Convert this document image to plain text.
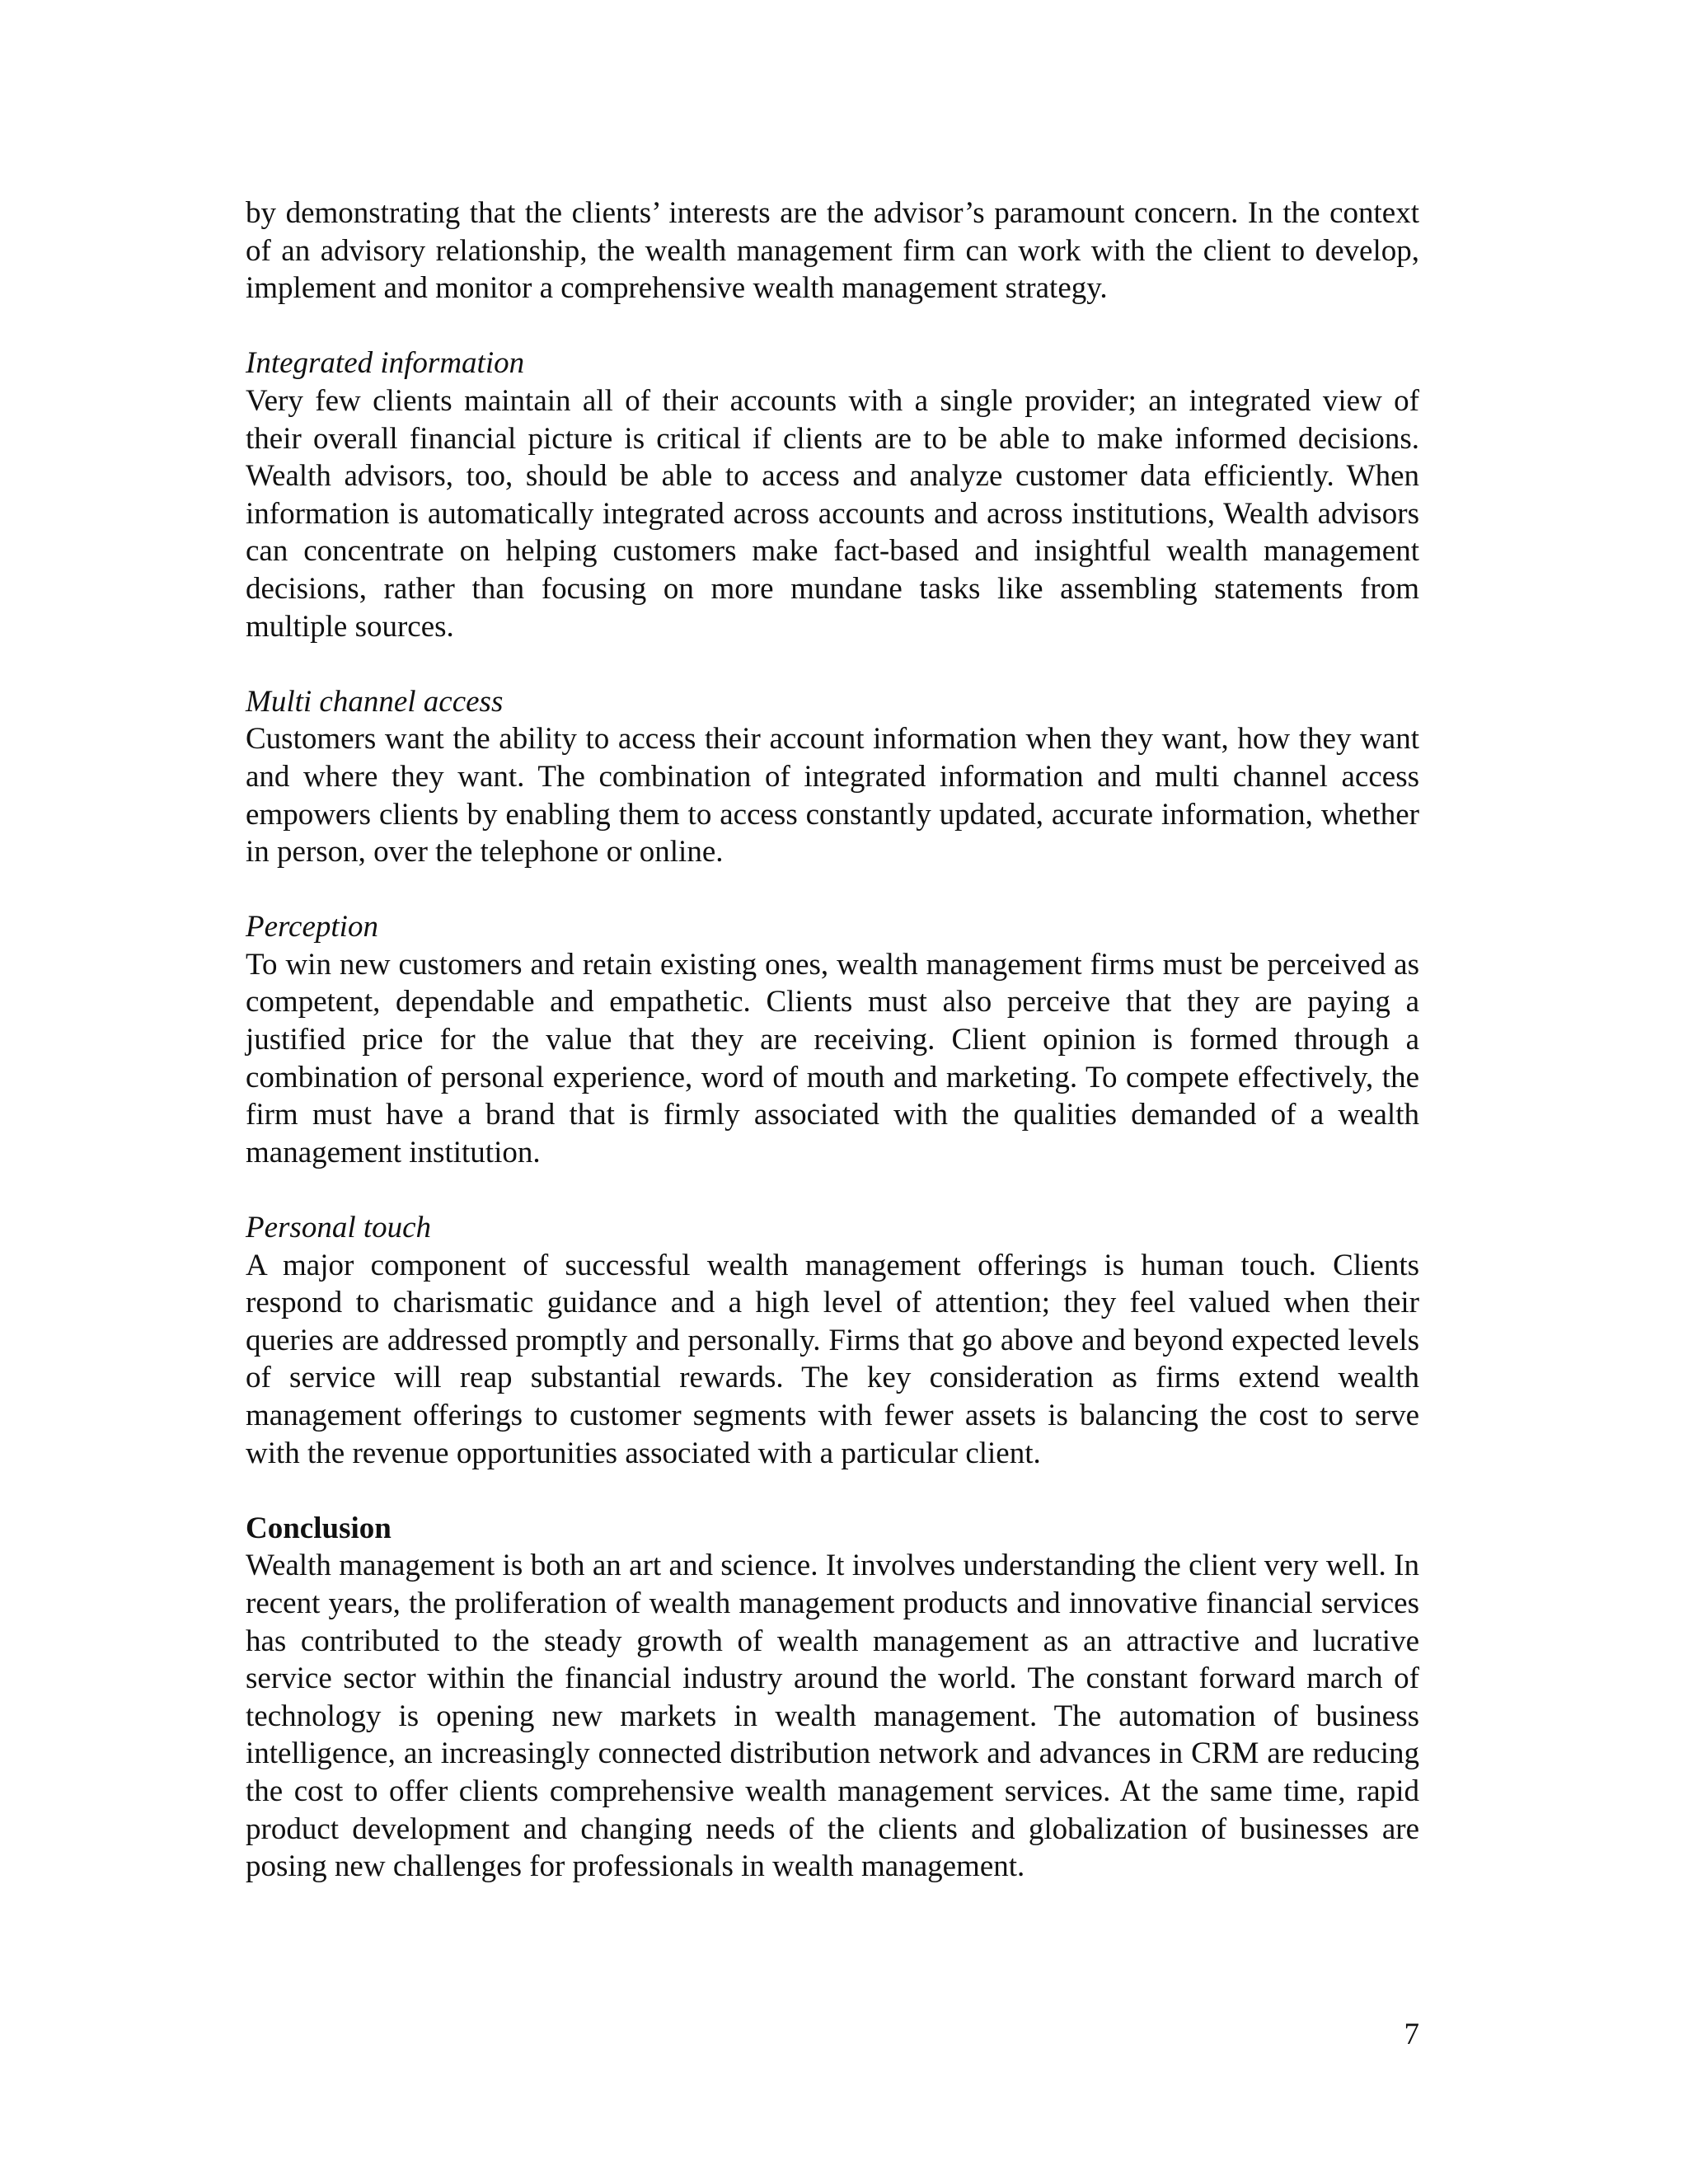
by demonstrating that the clients’ interests are the advisor’s paramount concern. In the context of an advisory relationship, the wealth management firm can work with the client to develop, implement and monitor a comprehensive wealth management strategy.

Integrated information

Very few clients maintain all of their accounts with a single provider; an integrated view of their overall financial picture is critical if clients are to be able to make informed decisions. Wealth advisors, too, should be able to access and analyze customer data efficiently. When information is automatically integrated across accounts and across institutions, Wealth advisors can concentrate on helping customers make fact-based and insightful wealth management decisions, rather than focusing on more mundane tasks like assembling statements from multiple sources.

Multi channel access

Customers want the ability to access their account information when they want, how they want and where they want. The combination of integrated information and multi channel access empowers clients by enabling them to access constantly updated, accurate information, whether in person, over the telephone or online.

Perception

To win new customers and retain existing ones, wealth management firms must be perceived as competent, dependable and empathetic. Clients must also perceive that they are paying a justified price for the value that they are receiving. Client opinion is formed through a combination of personal experience, word of mouth and marketing. To compete effectively, the firm must have a brand that is firmly associated with the qualities demanded of a wealth management institution.

Personal touch

A major component of successful wealth management offerings is human touch. Clients respond to charismatic guidance and a high level of attention; they feel valued when their queries are addressed promptly and personally. Firms that go above and beyond expected levels of service will reap substantial rewards. The key consideration as firms extend wealth management offerings to customer segments with fewer assets is balancing the cost to serve with the revenue opportunities associated with a particular client.

Conclusion

Wealth management is both an art and science. It involves understanding the client very well. In recent years, the proliferation of wealth management products and innovative financial services has contributed to the steady growth of wealth management as an attractive and lucrative service sector within the financial industry around the world. The constant forward march of technology is opening new markets in wealth management. The automation of business intelligence, an increasingly connected distribution network and advances in CRM are reducing the cost to offer clients comprehensive wealth management services. At the same time, rapid product development and changing needs of the clients and globalization of businesses are posing new challenges for professionals in wealth management.

7
